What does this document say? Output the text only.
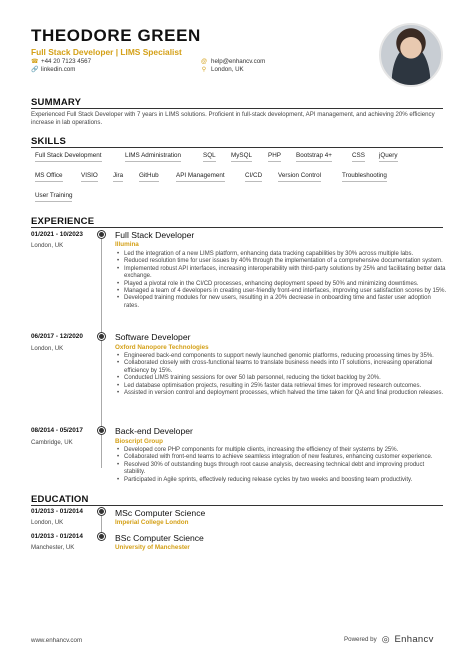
THEODORE GREEN
Full Stack Developer | LIMS Specialist
☎ +44 20 7123 4567
🔗 linkedin.com
@ help@enhancv.com
⚲ London, UK
SUMMARY
Experienced Full Stack Developer with 7 years in LIMS solutions. Proficient in full-stack development, API management, and achieving 20% efficiency increase in lab operations.
SKILLS
Full Stack Development	LIMS Administration	SQL MySQL	PHP Bootstrap 4+	CSS jQuery
MS Office	VISIO Jira	GitHub	API Management	CI/CD	Version Control	Troubleshooting
User Training
EXPERIENCE
01/2021 - 10/2023
London, UK
Full Stack Developer
Illumina
• Led the integration of a new LIMS platform, enhancing data tracking capabilities by 30% across multiple labs.
• Reduced resolution time for user issues by 40% through the implementation of a comprehensive documentation system.
• Implemented robust API interfaces, increasing interoperability with third-party solutions by 25% and facilitating better data exchange.
• Played a pivotal role in the CI/CD processes, enhancing deployment speed by 50% and minimizing downtimes.
• Managed a team of 4 developers in creating user-friendly front-end interfaces, improving user satisfaction scores by 15%.
• Developed training modules for new users, resulting in a 20% decrease in onboarding time and faster user adoption rates.
06/2017 - 12/2020
London, UK
Software Developer
Oxford Nanopore Technologies
• Engineered back-end components to support newly launched genomic platforms, reducing processing times by 35%.
• Collaborated closely with cross-functional teams to translate business needs into IT solutions, increasing operational efficiency by 15%.
• Conducted LIMS training sessions for over 50 lab personnel, reducing the ticket backlog by 20%.
• Led database optimisation projects, resulting in 25% faster data retrieval times for improved research outcomes.
• Assisted in version control and deployment processes, which halved the time taken for QA and final production releases.
08/2014 - 05/2017
Cambridge, UK
Back-end Developer
Bioscript Group
• Developed core PHP components for multiple clients, increasing the efficiency of their systems by 25%.
• Collaborated with front-end teams to achieve seamless integration of new features, enhancing customer experience.
• Resolved 30% of outstanding bugs through root cause analysis, decreasing technical debt and improving product stability.
• Participated in Agile sprints, effectively reducing release cycles by two weeks and boosting team productivity.
EDUCATION
01/2013 - 01/2014
London, UK
MSc Computer Science
Imperial College London
01/2013 - 01/2014
Manchester, UK
BSc Computer Science
University of Manchester
www.enhancv.com	Powered by ◎ Enhancv
